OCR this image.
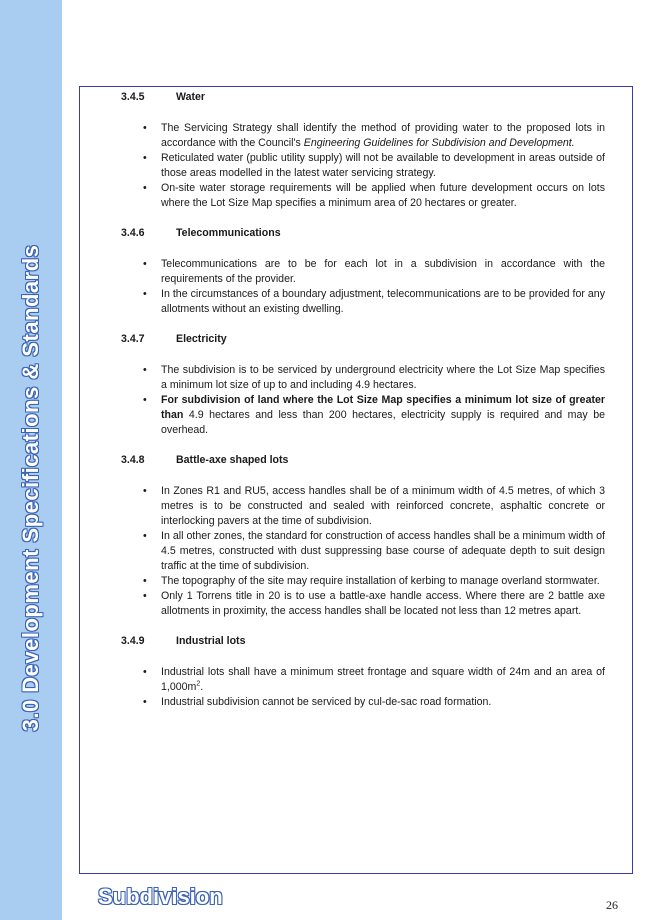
3.0 Development Specifications & Standards
3.4.5	Water
• The Servicing Strategy shall identify the method of providing water to the proposed lots in accordance with the Council's Engineering Guidelines for Subdivision and Development.
• Reticulated water (public utility supply) will not be available to development in areas outside of those areas modelled in the latest water servicing strategy.
• On-site water storage requirements will be applied when future development occurs on lots where the Lot Size Map specifies a minimum area of 20 hectares or greater.
3.4.6	Telecommunications
• Telecommunications are to be for each lot in a subdivision in accordance with the requirements of the provider.
• In the circumstances of a boundary adjustment, telecommunications are to be provided for any allotments without an existing dwelling.
3.4.7	Electricity
• The subdivision is to be serviced by underground electricity where the Lot Size Map specifies a minimum lot size of up to and including 4.9 hectares.
• For subdivision of land where the Lot Size Map specifies a minimum lot size of greater than 4.9 hectares and less than 200 hectares, electricity supply is required and may be overhead.
3.4.8	Battle-axe shaped lots
• In Zones R1 and RU5, access handles shall be of a minimum width of 4.5 metres, of which 3 metres is to be constructed and sealed with reinforced concrete, asphaltic concrete or interlocking pavers at the time of subdivision.
• In all other zones, the standard for construction of access handles shall be a minimum width of 4.5 metres, constructed with dust suppressing base course of adequate depth to suit design traffic at the time of subdivision.
• The topography of the site may require installation of kerbing to manage overland stormwater.
• Only 1 Torrens title in 20 is to use a battle-axe handle access. Where there are 2 battle axe allotments in proximity, the access handles shall be located not less than 12 metres apart.
3.4.9	Industrial lots
• Industrial lots shall have a minimum street frontage and square width of 24m and an area of $1,000m^2$.
• Industrial subdivision cannot be serviced by cul-de-sac road formation.
Subdivision	26
